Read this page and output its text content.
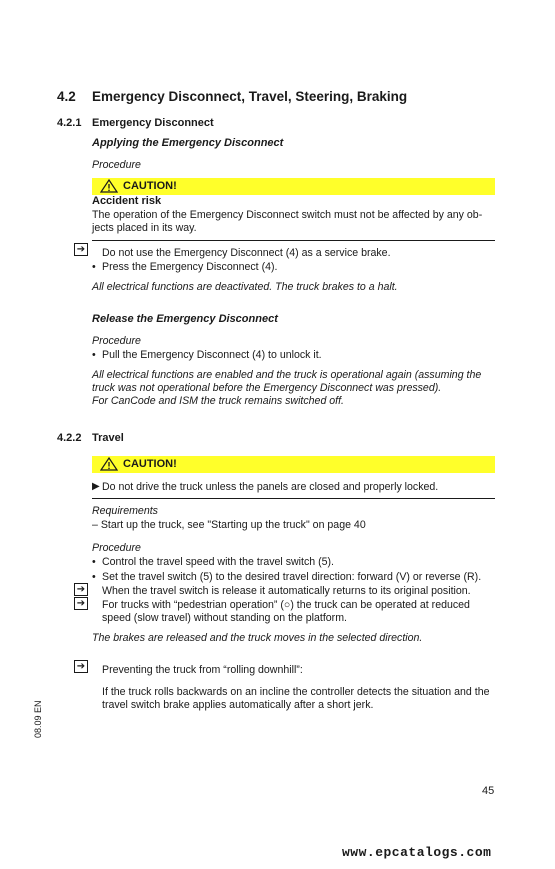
4.2 Emergency Disconnect, Travel, Steering, Braking
4.2.1 Emergency Disconnect
Applying the Emergency Disconnect
Procedure
CAUTION!
Accident risk
The operation of the Emergency Disconnect switch must not be affected by any ob-
jects placed in its way.
➔ Do not use the Emergency Disconnect (4) as a service brake.
• Press the Emergency Disconnect (4).
All electrical functions are deactivated. The truck brakes to a halt.
Release the Emergency Disconnect
Procedure
• Pull the Emergency Disconnect (4) to unlock it.
All electrical functions are enabled and the truck is operational again (assuming the
truck was not operational before the Emergency Disconnect was pressed).
For CanCode and ISM the truck remains switched off.
4.2.2 Travel
CAUTION!
▶ Do not drive the truck unless the panels are closed and properly locked.
Requirements
– Start up the truck, see "Starting up the truck" on page 40
Procedure
• Control the travel speed with the travel switch (5).
• Set the travel switch (5) to the desired travel direction: forward (V) or reverse (R).
➔ When the travel switch is release it automatically returns to its original position.
➔ For trucks with “pedestrian operation” (○) the truck can be operated at reduced
speed (slow travel) without standing on the platform.
The brakes are released and the truck moves in the selected direction.
➔ Preventing the truck from “rolling downhill”:
If the truck rolls backwards on an incline the controller detects the situation and the
travel switch brake applies automatically after a short jerk.
08.09 EN
45
www.epcatalogs.com
